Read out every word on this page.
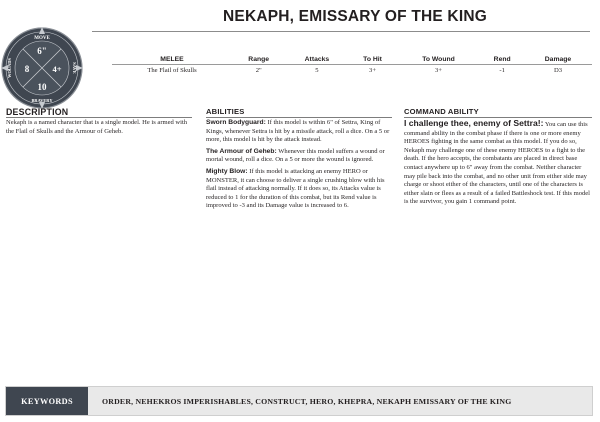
NEKAPH, EMISSARY OF THE KING
MOVE
BRAVERY
WOUNDS	SAVE
6"
10
8	4+
MELEE	Range	Attacks	To Hit	To Wound	Rend	Damage
The Flail of Skulls	2"	5	3+	3+	-1	D3
DESCRIPTION
Nekaph is a named character that is a single model. He is armed with the Flail of Skulls and the Armour of Geheb.
ABILITIES

Sworn Bodyguard: If this model is within 6" of Settra, King of Kings, whenever Settra is hit by a missile attack, roll a dice. On a 5 or more, this model is hit by the attack instead.

The Armour of Geheb: Whenever this model suffers a wound or mortal wound, roll a dice. On a 5 or more the wound is ignored.

Mighty Blow: If this model is attacking an enemy HERO or MONSTER, it can choose to deliver a single crushing blow with his flail instead of attacking normally. If it does so, its Attacks value is reduced to 1 for the duration of this combat, but its Rend value is improved to -3 and its Damage value is increased to 6.

COMMAND ABILITY

I challenge thee, enemy of Settra!: You can use this command ability in the combat phase if there is one or more enemy HEROES fighting in the same combat as this model. If you do so, Nekaph may challenge one of these enemy HEROES to a fight to the death. If the hero accepts, the combatants are placed in direct base contact anywhere up to 6" away from the combat. Neither character may pile back into the combat, and no other unit from either side may charge or shoot either of the characters, until one of the characters is either slain or flees as a result of a failed Battleshock test. If this model is the survivor, you gain 1 command point.

KEYWORDS	ORDER, NEHEKROS IMPERISHABLES, CONSTRUCT, HERO, KHEPRA, NEKAPH EMISSARY OF THE KING
